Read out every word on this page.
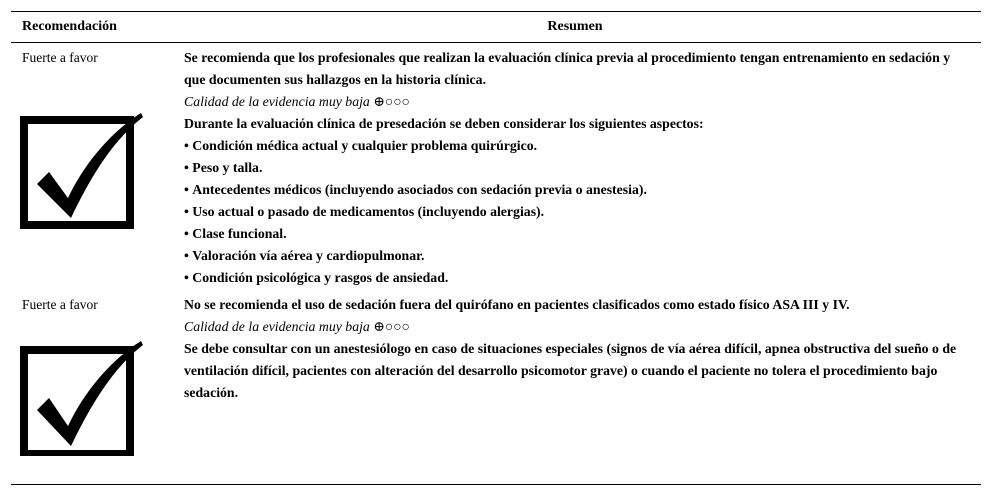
Recomendación	Resumen
Fuerte a favor	Se recomienda que los profesionales que realizan la evaluación clínica previa al procedimiento tengan entrenamiento en sedación y que documenten sus hallazgos en la historia clínica.
Calidad de la evidencia muy baja ⊕○○○
Durante la evaluación clínica de presedación se deben considerar los siguientes aspectos:
• Condición médica actual y cualquier problema quirúrgico.
• Peso y talla.
• Antecedentes médicos (incluyendo asociados con sedación previa o anestesia).
• Uso actual o pasado de medicamentos (incluyendo alergias).
• Clase funcional.
• Valoración vía aérea y cardiopulmonar.
• Condición psicológica y rasgos de ansiedad.
Fuerte a favor	No se recomienda el uso de sedación fuera del quirófano en pacientes clasificados como estado físico ASA III y IV.
Calidad de la evidencia muy baja ⊕○○○
Se debe consultar con un anestesiólogo en caso de situaciones especiales (signos de vía aérea difícil, apnea obstructiva del sueño o de ventilación difícil, pacientes con alteración del desarrollo psicomotor grave) o cuando el paciente no tolera el procedimiento bajo sedación.
